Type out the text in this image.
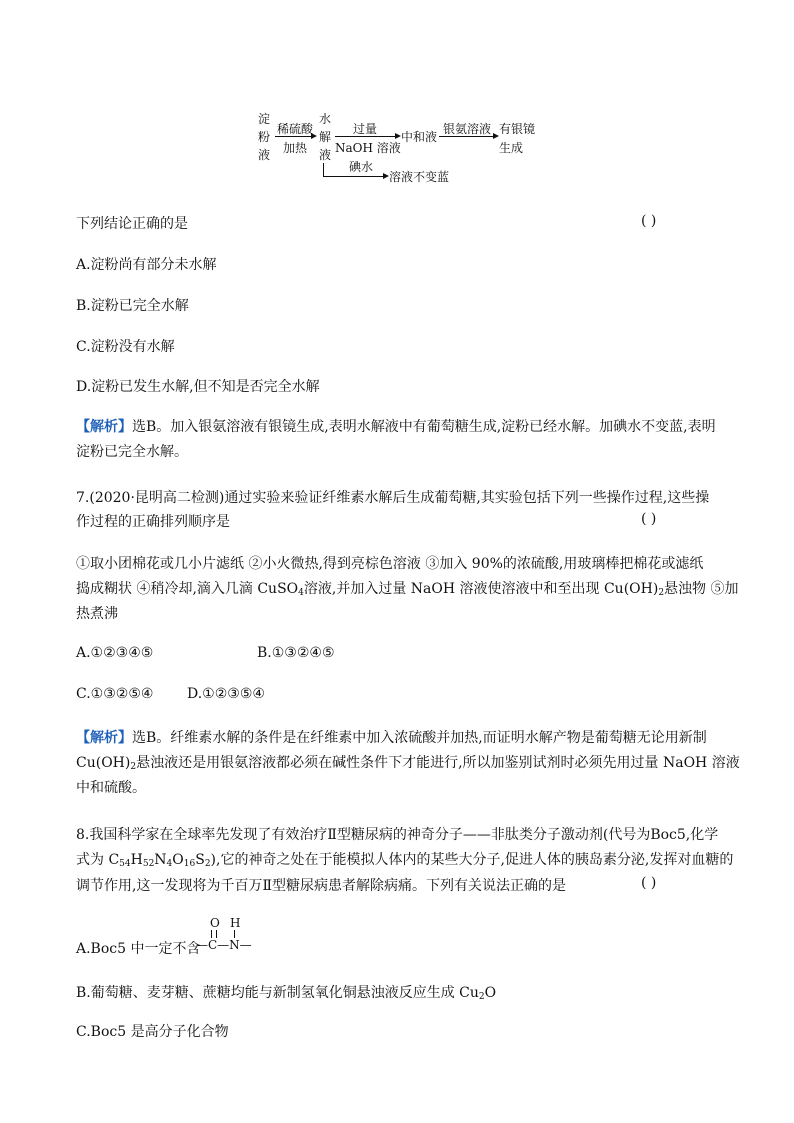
淀
粉
液
稀硫酸
加热
水
解
液
过量
NaOH 溶液
中和液
银氨溶液 有银镜
生成
碘水
溶液不变蓝
下列结论正确的是	( )
A.淀粉尚有部分未水解
B.淀粉已完全水解
C.淀粉没有水解
D.淀粉已发生水解,但不知是否完全水解
【解析】选B。加入银氨溶液有银镜生成,表明水解液中有葡萄糖生成,淀粉已经水解。加碘水不变蓝,表明
淀粉已完全水解。
7.(2020·昆明高二检测)通过实验来验证纤维素水解后生成葡萄糖,其实验包括下列一些操作过程,这些操
作过程的正确排列顺序是	( )
①取小团棉花或几小片滤纸 ②小火微热,得到亮棕色溶液 ③加入 90%的浓硫酸,用玻璃棒把棉花或滤纸
捣成糊状 ④稍冷却,滴入几滴 CuSO$_4$溶液,并加入过量 NaOH 溶液使溶液中和至出现 $Cu(OH)_2$悬浊物 ⑤加
热煮沸
A.①②③④⑤	B.①③②④⑤
C.①③②⑤④ D.①②③⑤④
【解析】选B。纤维素水解的条件是在纤维素中加入浓硫酸并加热,而证明水解产物是葡萄糖无论用新制
$Cu(OH)_2$悬浊液还是用银氨溶液都必须在碱性条件下才能进行,所以加鉴别试剂时必须先用过量 NaOH 溶液
中和硫酸。
8.我国科学家在全球率先发现了有效治疗Ⅱ型糖尿病的神奇分子——非肽类分子激动剂(代号为Boc5,化学
式为 $C_{54}H_{52}N_4O_{16}S_2$),它的神奇之处在于能模拟人体内的某些大分子,促进人体的胰岛素分泌,发挥对血糖的
调节作用,这一发现将为千百万Ⅱ型糖尿病患者解除病痛。下列有关说法正确的是	( )
A.Boc5 中一定不含
O H
—C—N—
B.葡萄糖、麦芽糖、蔗糖均能与新制氢氧化铜悬浊液反应生成 $Cu_2O$
C.Boc5 是高分子化合物
